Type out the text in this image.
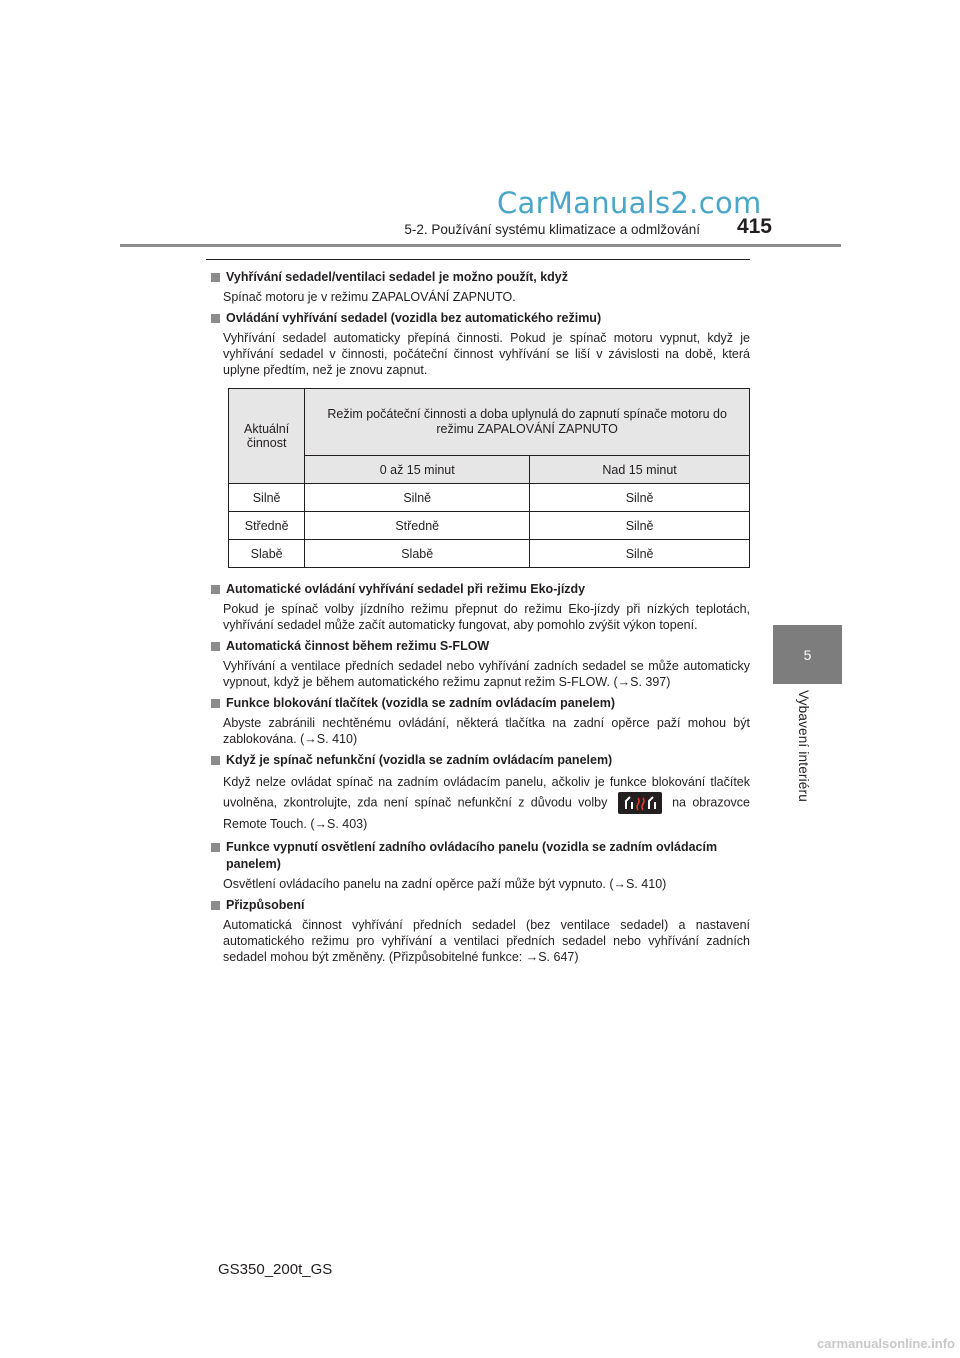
CarManuals2.com
5-2. Používání systému klimatizace a odmlžování	415
5
Vybavení interiéru
Vyhřívání sedadel/ventilaci sedadel je možno použít, když
Spínač motoru je v režimu ZAPALOVÁNÍ ZAPNUTO.
Ovládání vyhřívání sedadel (vozidla bez automatického režimu)
Vyhřívání sedadel automaticky přepíná činnosti. Pokud je spínač motoru vypnut, když je vyhřívání sedadel v činnosti, počáteční činnost vyhřívání se liší v závislosti na době, která uplyne předtím, než je znovu zapnut.
Aktuální činnost	Režim počáteční činnosti a doba uplynulá do zapnutí spínače motoru do režimu ZAPALOVÁNÍ ZAPNUTO	
	0 až 15 minut	Nad 15 minut
Silně	Silně	Silně
Středně	Středně	Silně
Slabě	Slabě	Silně
Automatické ovládání vyhřívání sedadel při režimu Eko-jízdy
Pokud je spínač volby jízdního režimu přepnut do režimu Eko-jízdy při nízkých teplotách, vyhřívání sedadel může začít automaticky fungovat, aby pomohlo zvýšit výkon topení.
Automatická činnost během režimu S-FLOW
Vyhřívání a ventilace předních sedadel nebo vyhřívání zadních sedadel se může automaticky vypnout, když je během automatického režimu zapnut režim S-FLOW. (→S. 397)
Funkce blokování tlačítek (vozidla se zadním ovládacím panelem)
Abyste zabránili nechtěnému ovládání, některá tlačítka na zadní opěrce paží mohou být zablokována. (→S. 410)
Když je spínač nefunkční (vozidla se zadním ovládacím panelem)
Když nelze ovládat spínač na zadním ovládacím panelu, ačkoliv je funkce blokování tlačítek uvolněna, zkontrolujte, zda není spínač nefunkční z důvodu volby	na obrazovce Remote Touch. (→S. 403)
Funkce vypnutí osvětlení zadního ovládacího panelu (vozidla se zadním ovládacím panelem)
Osvětlení ovládacího panelu na zadní opěrce paží může být vypnuto. (→S. 410)
Přizpůsobení
Automatická činnost vyhřívání předních sedadel (bez ventilace sedadel) a nastavení automatického režimu pro vyhřívání a ventilaci předních sedadel nebo vyhřívání zadních sedadel mohou být změněny. (Přizpůsobitelné funkce: →S. 647)
GS350_200t_GS
carmanualsonline.info
